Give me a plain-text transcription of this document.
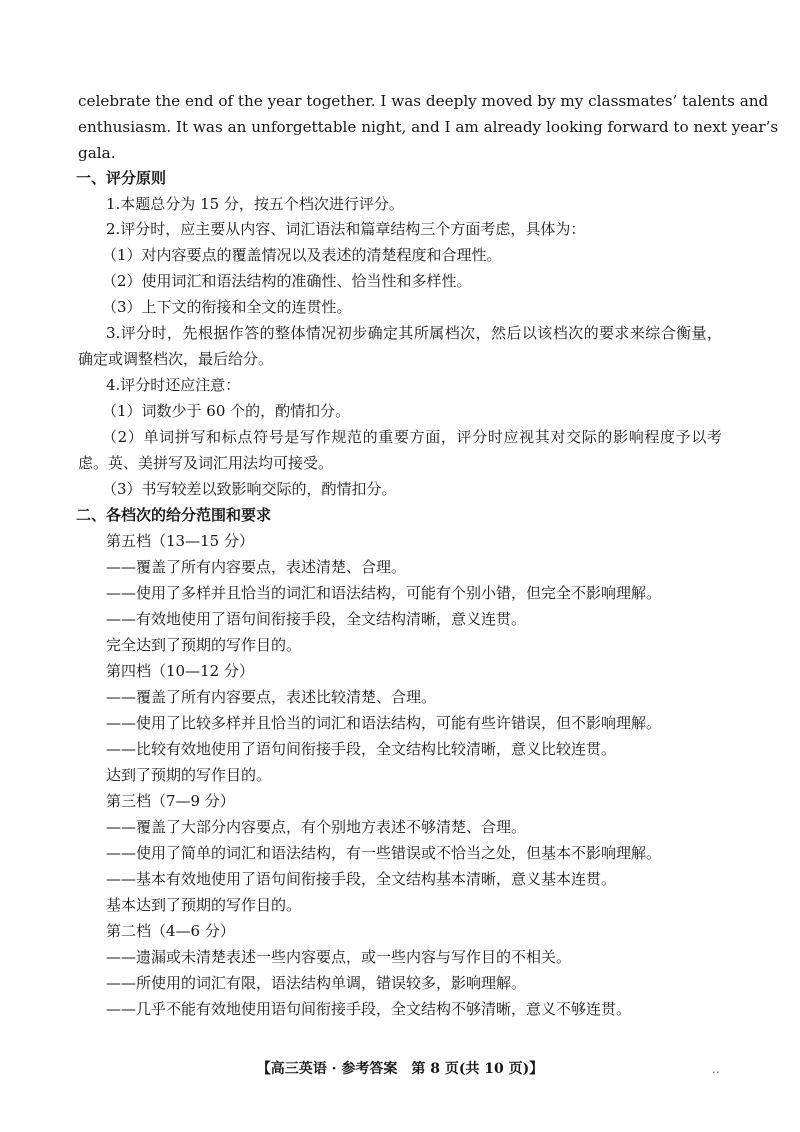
celebrate the end of the year together. I was deeply moved by my classmates’ talents and
enthusiasm. It was an unforgettable night, and I am already looking forward to next year’s
gala.
一、评分原则
1.本题总分为 15 分，按五个档次进行评分。
2.评分时，应主要从内容、词汇语法和篇章结构三个方面考虑，具体为：
（1）对内容要点的覆盖情况以及表述的清楚程度和合理性。
（2）使用词汇和语法结构的准确性、恰当性和多样性。
（3）上下文的衔接和全文的连贯性。
3.评分时，先根据作答的整体情况初步确定其所属档次，然后以该档次的要求来综合衡量，
确定或调整档次，最后给分。
4.评分时还应注意：
（1）词数少于 60 个的，酌情扣分。
（2）单词拼写和标点符号是写作规范的重要方面，评分时应视其对交际的影响程度予以考
虑。英、美拼写及词汇用法均可接受。
（3）书写较差以致影响交际的，酌情扣分。
二、各档次的给分范围和要求
第五档（13—15 分）
——覆盖了所有内容要点，表述清楚、合理。
——使用了多样并且恰当的词汇和语法结构，可能有个别小错，但完全不影响理解。
——有效地使用了语句间衔接手段，全文结构清晰，意义连贯。
完全达到了预期的写作目的。
第四档（10—12 分）
——覆盖了所有内容要点，表述比较清楚、合理。
——使用了比较多样并且恰当的词汇和语法结构，可能有些许错误，但不影响理解。
——比较有效地使用了语句间衔接手段，全文结构比较清晰，意义比较连贯。
达到了预期的写作目的。
第三档（7—9 分）
——覆盖了大部分内容要点，有个别地方表述不够清楚、合理。
——使用了简单的词汇和语法结构，有一些错误或不恰当之处，但基本不影响理解。
——基本有效地使用了语句间衔接手段，全文结构基本清晰，意义基本连贯。
基本达到了预期的写作目的。
第二档（4—6 分）
——遗漏或未清楚表述一些内容要点，或一些内容与写作目的不相关。
——所使用的词汇有限，语法结构单调，错误较多，影响理解。
——几乎不能有效地使用语句间衔接手段，全文结构不够清晰，意义不够连贯。
【高三英语 · 参考答案　第 8 页(共 10 页)】	..
